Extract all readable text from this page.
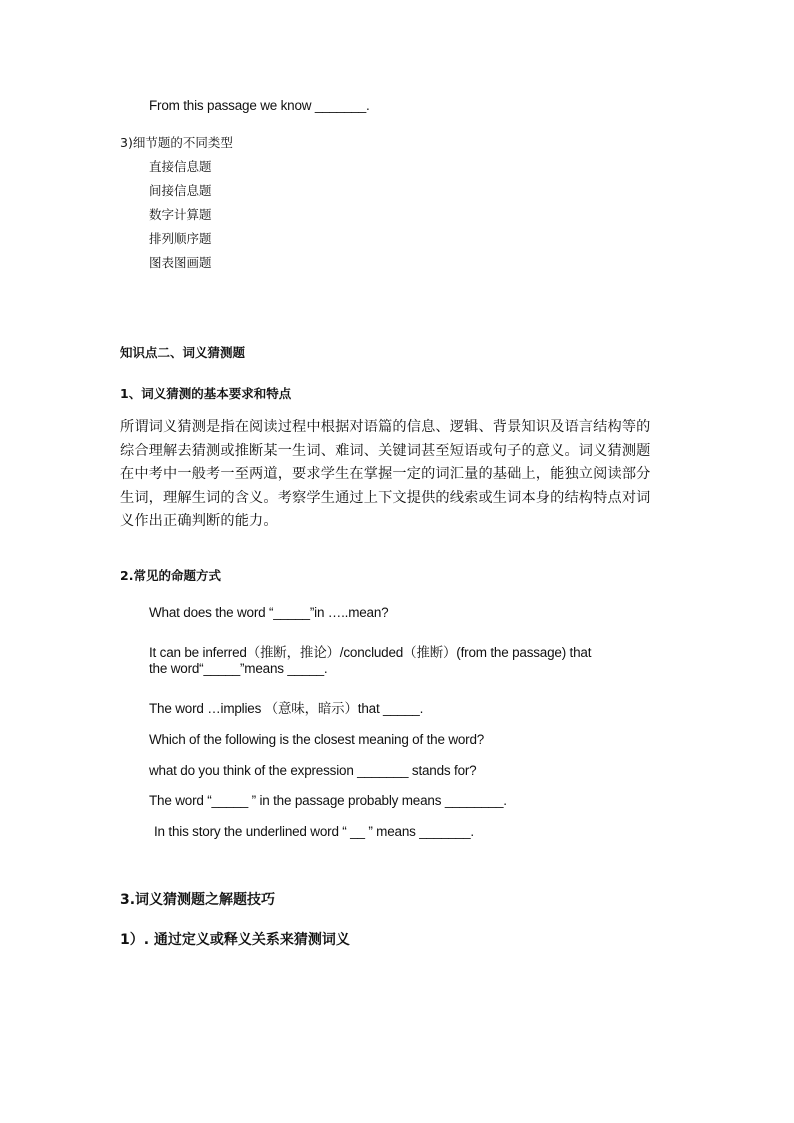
From this passage we know _______.

3)细节题的不同类型

直接信息题

间接信息题

数字计算题

排列顺序题

图表图画题

知识点二、词义猜测题

1、词义猜测的基本要求和特点

所谓词义猜测是指在阅读过程中根据对语篇的信息、逻辑、背景知识及语言结构等的
综合理解去猜测或推断某一生词、难词、关键词甚至短语或句子的意义。词义猜测题
在中考中一般考一至两道，要求学生在掌握一定的词汇量的基础上，能独立阅读部分
生词，理解生词的含义。考察学生通过上下文提供的线索或生词本身的结构特点对词
义作出正确判断的能力。

2.常见的命题方式

What does the word “_____”in …..mean?

It can be inferred（推断，推论）/concluded（推断）(from the passage) that

the word“_____”means _____.

The word …implies （意味，暗示）that _____.

Which of the following is the closest meaning of the word?

what do you think of the expression _______ stands for?

The word “_____ ” in the passage probably means ________.

In this story the underlined word “ __ ” means _______.

3.词义猜测题之解题技巧

1）. 通过定义或释义关系来猜测词义
